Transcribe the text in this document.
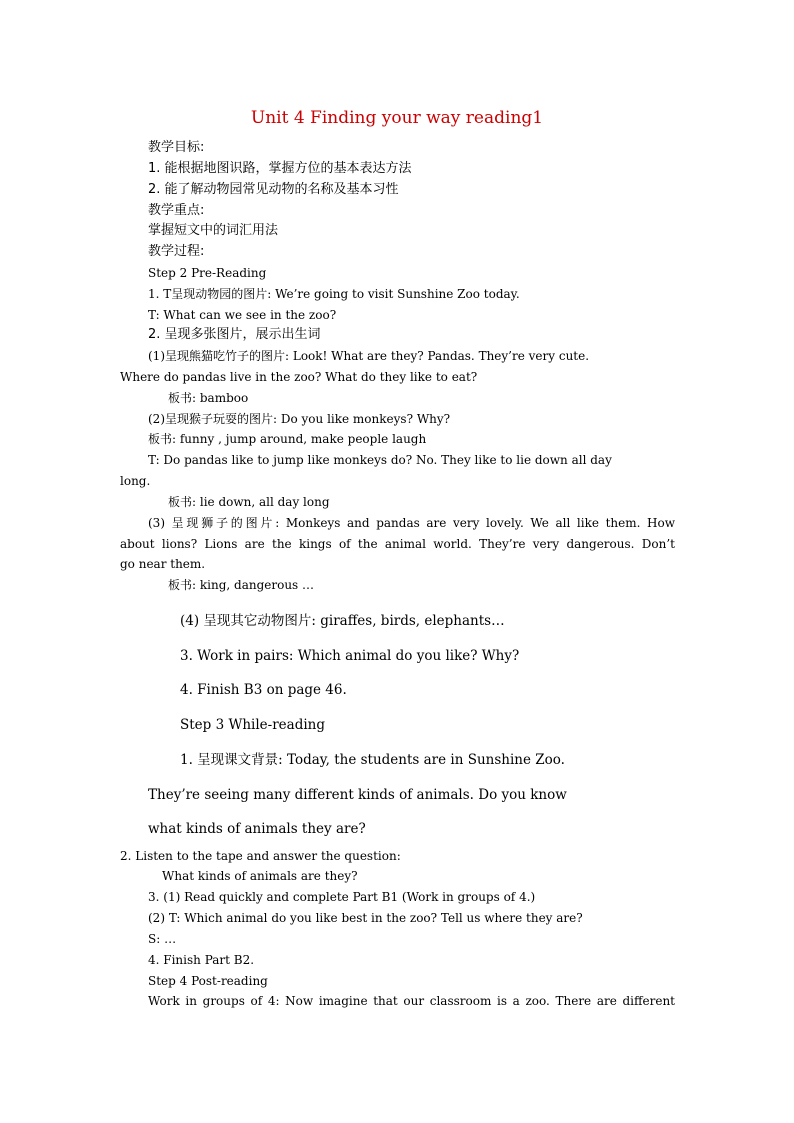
Unit 4 Finding your way reading1
教学目标:
1. 能根据地图识路，掌握方位的基本表达方法
2. 能了解动物园常见动物的名称及基本习性
教学重点:
掌握短文中的词汇用法
教学过程:
Step 2 Pre-Reading
1. T呈现动物园的图片: We’re going to visit Sunshine Zoo today.
T: What can we see in the zoo?
2. 呈现多张图片，展示出生词
(1)呈现熊猫吃竹子的图片: Look! What are they? Pandas. They’re very cute.
Where do pandas live in the zoo? What do they like to eat?
板书: bamboo
(2)呈现猴子玩耍的图片: Do you like monkeys? Why?
板书: funny , jump around, make people laugh
T: Do pandas like to jump like monkeys do? No. They like to lie down all day
long.
板书: lie down, all day long
(3) 呈现狮子的图片: Monkeys and pandas are very lovely. We all like them. How
about lions? Lions are the kings of the animal world. They’re very dangerous. Don’t
go near them.
板书: king, dangerous …
(4) 呈现其它动物图片: giraffes, birds, elephants…
3. Work in pairs: Which animal do you like? Why?
4. Finish B3 on page 46.
Step 3 While-reading
1. 呈现课文背景: Today, the students are in Sunshine Zoo.
They’re seeing many different kinds of animals. Do you know
what kinds of animals they are?
2. Listen to the tape and answer the question:
What kinds of animals are they?
3. (1) Read quickly and complete Part B1 (Work in groups of 4.)
(2) T: Which animal do you like best in the zoo? Tell us where they are?
S: …
4. Finish Part B2.
Step 4 Post-reading
Work in groups of 4: Now imagine that our classroom is a zoo. There are different
